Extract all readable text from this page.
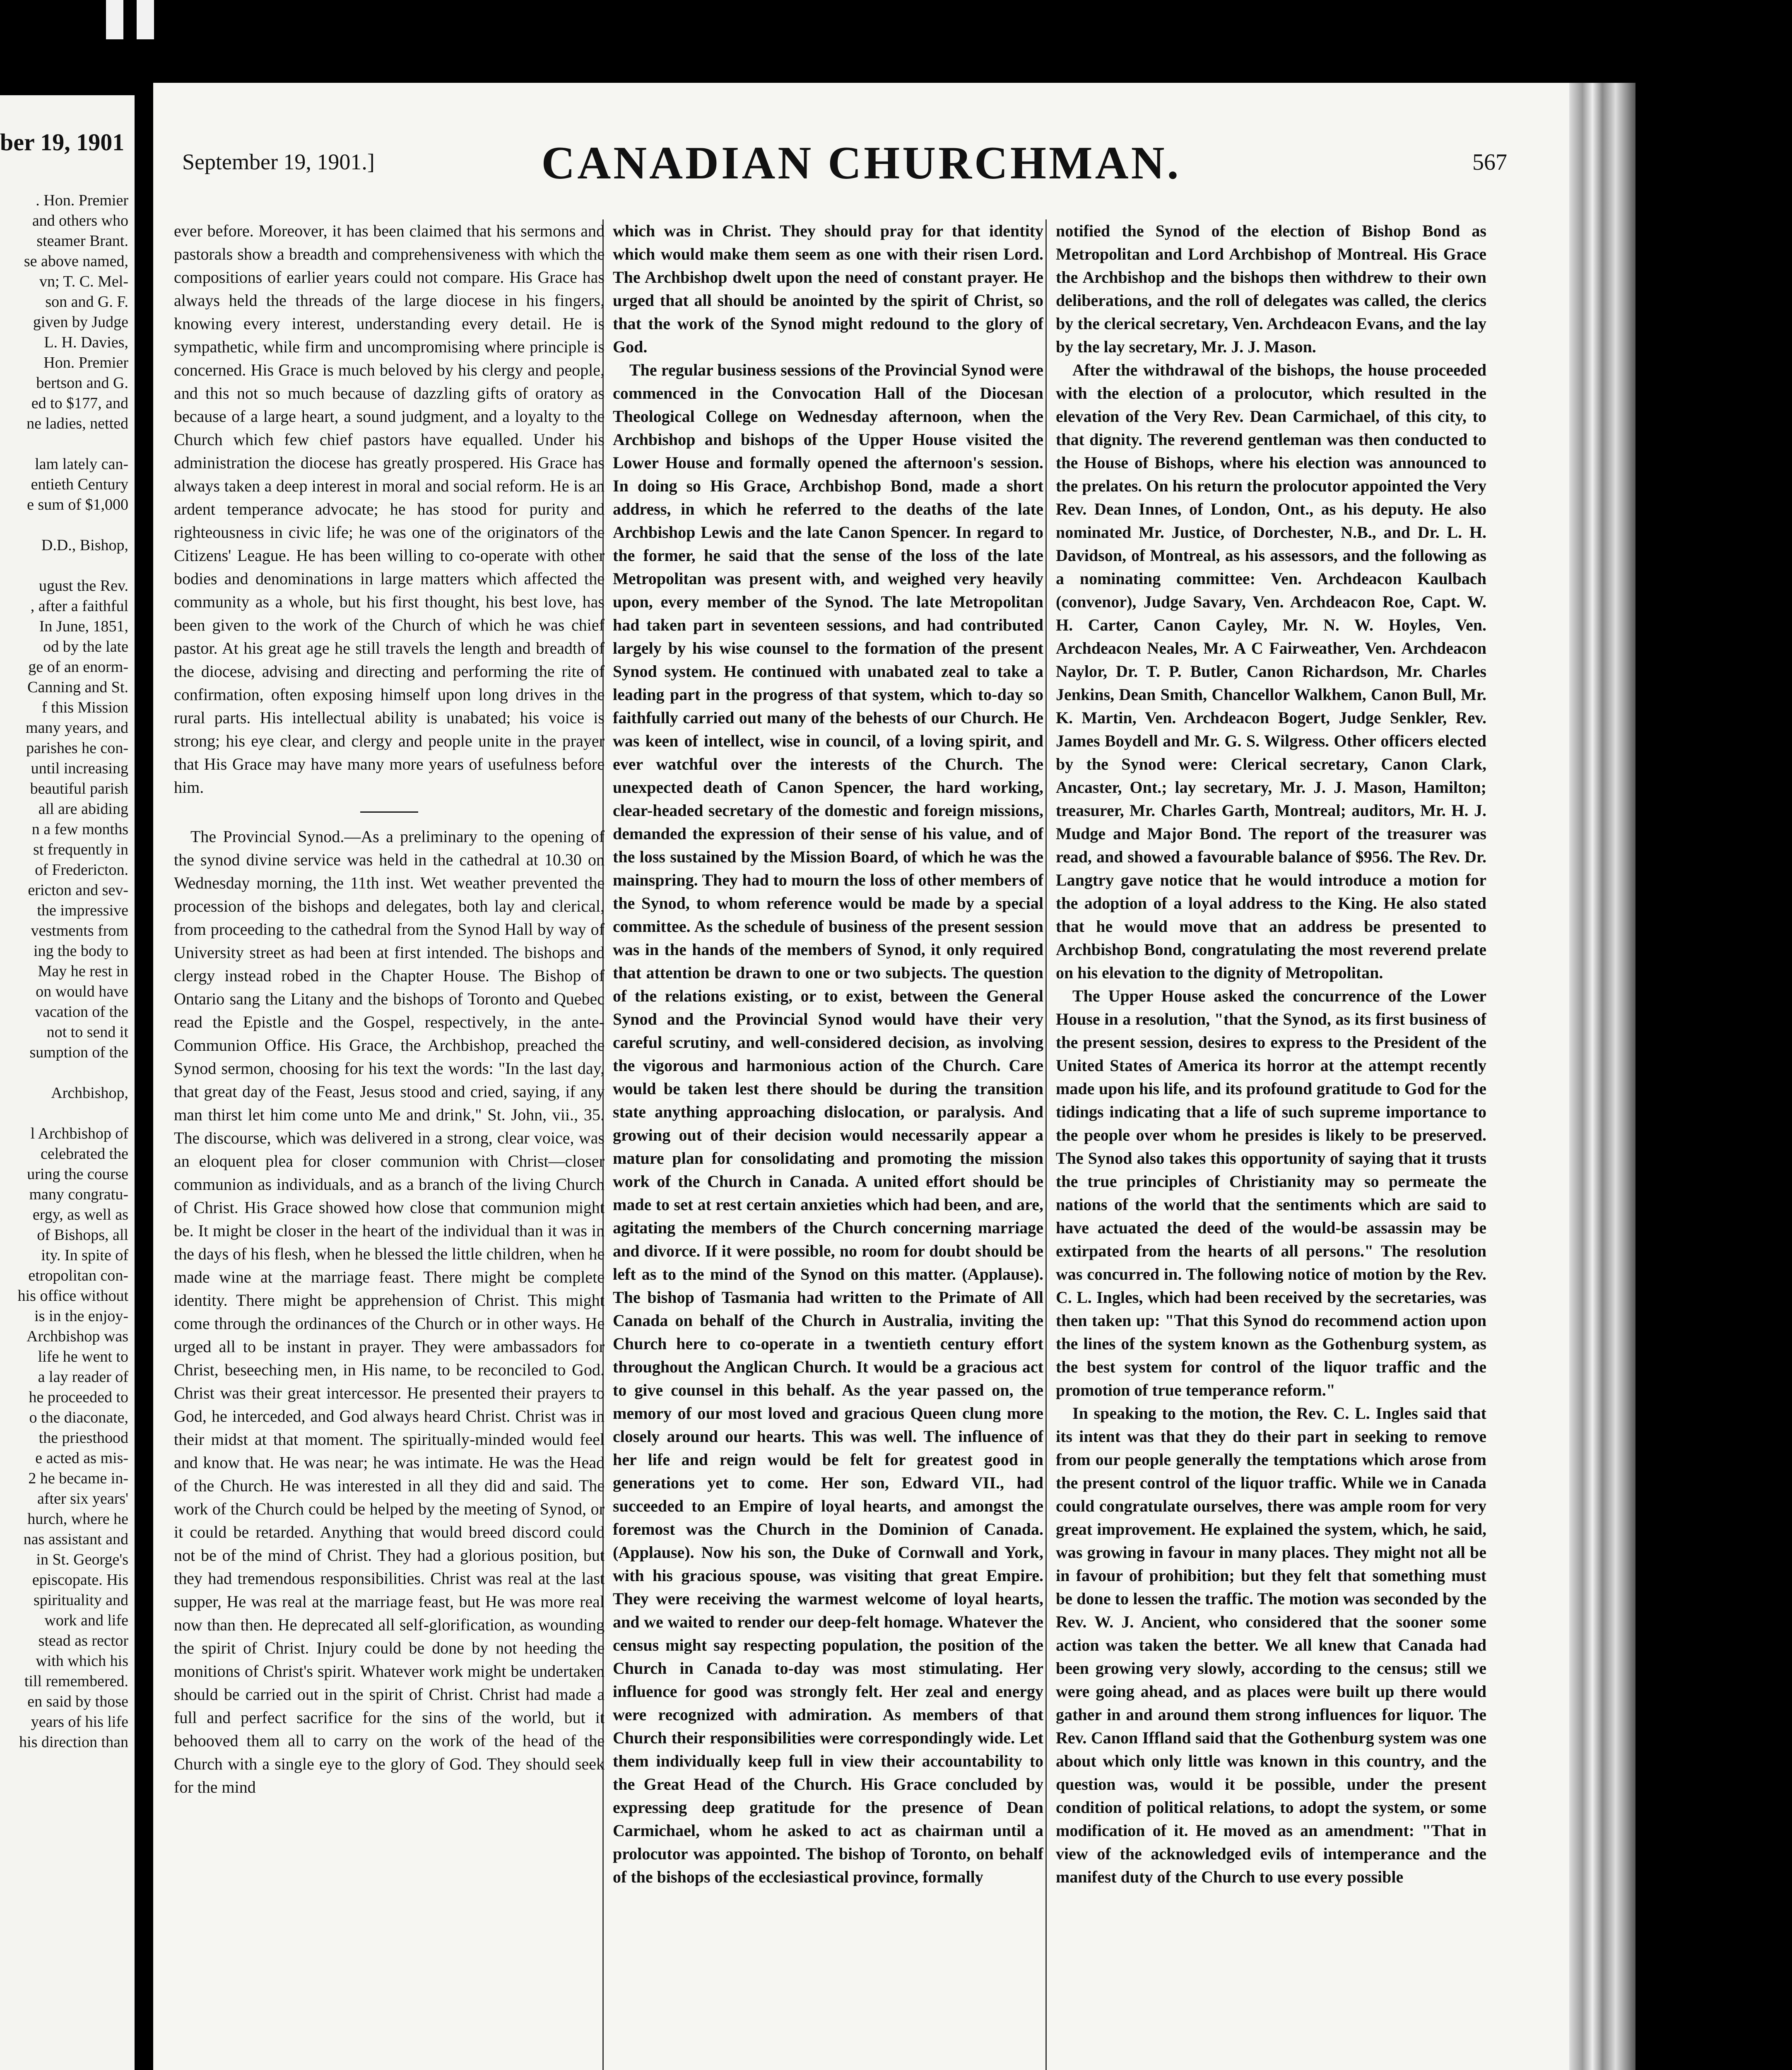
ber 19, 1901
. Hon. Premier
and others who
steamer Brant.
se above named,
vn; T. C. Mel-
son and G. F.
given by Judge
L. H. Davies,
Hon. Premier
bertson and G.
ed to $177, and
ne ladies, netted
lam lately can-
entieth Century
e sum of $1,000
D.D., Bishop,
ugust the Rev.
, after a faithful
In June, 1851,
od by the late
ge of an enorm-
Canning and St.
f this Mission
many years, and
parishes he con-
until increasing
beautiful parish
all are abiding
n a few months
st frequently in
of Fredericton.
ericton and sev-
the impressive
vestments from
ing the body to
May he rest in
on would have
vacation of the
not to send it
sumption of the
Archbishop,
l Archbishop of
celebrated the
uring the course
many congratu-
ergy, as well as
of Bishops, all
ity. In spite of
etropolitan con-
his office without
is in the enjoy-
Archbishop was
life he went to
a lay reader of
he proceeded to
o the diaconate,
the priesthood
e acted as mis-
2 he became in-
after six years'
hurch, where he
nas assistant and
in St. George's
episcopate. His
spirituality and
work and life
stead as rector
with which his
till remembered.
en said by those
years of his life
his direction than
September 19, 1901.]	CANADIAN CHURCHMAN.	567

ever before. Moreover, it has been claimed that his sermons and pastorals show a breadth and comprehensiveness with which the compositions of earlier years could not compare. His Grace has always held the threads of the large diocese in his fingers, knowing every interest, understanding every detail. He is sympathetic, while firm and uncompromising where principle is concerned. His Grace is much beloved by his clergy and people, and this not so much because of dazzling gifts of oratory as because of a large heart, a sound judgment, and a loyalty to the Church which few chief pastors have equalled. Under his administration the diocese has greatly prospered. His Grace has always taken a deep interest in moral and social reform. He is an ardent temperance advocate; he has stood for purity and righteousness in civic life; he was one of the originators of the Citizens' League. He has been willing to co-operate with other bodies and denominations in large matters which affected the community as a whole, but his first thought, his best love, has been given to the work of the Church of which he was chief pastor. At his great age he still travels the length and breadth of the diocese, advising and directing and performing the rite of confirmation, often exposing himself upon long drives in the rural parts. His intellectual ability is unabated; his voice is strong; his eye clear, and clergy and people unite in the prayer that His Grace may have many more years of usefulness before him.

The Provincial Synod.—As a preliminary to the opening of the synod divine service was held in the cathedral at 10.30 on Wednesday morning, the 11th inst. Wet weather prevented the procession of the bishops and delegates, both lay and clerical, from proceeding to the cathedral from the Synod Hall by way of University street as had been at first intended. The bishops and clergy instead robed in the Chapter House. The Bishop of Ontario sang the Litany and the bishops of Toronto and Quebec read the Epistle and the Gospel, respectively, in the ante-Communion Office. His Grace, the Archbishop, preached the Synod sermon, choosing for his text the words: "In the last day, that great day of the Feast, Jesus stood and cried, saying, if any man thirst let him come unto Me and drink," St. John, vii., 35. The discourse, which was delivered in a strong, clear voice, was an eloquent plea for closer communion with Christ—closer communion as individuals, and as a branch of the living Church of Christ. His Grace showed how close that communion might be. It might be closer in the heart of the individual than it was in the days of his flesh, when he blessed the little children, when he made wine at the marriage feast. There might be complete identity. There might be apprehension of Christ. This might come through the ordinances of the Church or in other ways. He urged all to be instant in prayer. They were ambassadors for Christ, beseeching men, in His name, to be reconciled to God. Christ was their great intercessor. He presented their prayers to God, he interceded, and God always heard Christ. Christ was in their midst at that moment. The spiritually-minded would feel and know that. He was near; he was intimate. He was the Head of the Church. He was interested in all they did and said. The work of the Church could be helped by the meeting of Synod, or it could be retarded. Anything that would breed discord could not be of the mind of Christ. They had a glorious position, but they had tremendous responsibilities. Christ was real at the last supper, He was real at the marriage feast, but He was more real now than then. He deprecated all self-glorification, as wounding the spirit of Christ. Injury could be done by not heeding the monitions of Christ's spirit. Whatever work might be undertaken should be carried out in the spirit of Christ. Christ had made a full and perfect sacrifice for the sins of the world, but it behooved them all to carry on the work of the head of the Church with a single eye to the glory of God. They should seek for the mind

which was in Christ. They should pray for that identity which would make them seem as one with their risen Lord. The Archbishop dwelt upon the need of constant prayer. He urged that all should be anointed by the spirit of Christ, so that the work of the Synod might redound to the glory of God.

The regular business sessions of the Provincial Synod were commenced in the Convocation Hall of the Diocesan Theological College on Wednesday afternoon, when the Archbishop and bishops of the Upper House visited the Lower House and formally opened the afternoon's session. In doing so His Grace, Archbishop Bond, made a short address, in which he referred to the deaths of the late Archbishop Lewis and the late Canon Spencer. In regard to the former, he said that the sense of the loss of the late Metropolitan was present with, and weighed very heavily upon, every member of the Synod. The late Metropolitan had taken part in seventeen sessions, and had contributed largely by his wise counsel to the formation of the present Synod system. He continued with unabated zeal to take a leading part in the progress of that system, which to-day so faithfully carried out many of the behests of our Church. He was keen of intellect, wise in council, of a loving spirit, and ever watchful over the interests of the Church. The unexpected death of Canon Spencer, the hard working, clear-headed secretary of the domestic and foreign missions, demanded the expression of their sense of his value, and of the loss sustained by the Mission Board, of which he was the mainspring. They had to mourn the loss of other members of the Synod, to whom reference would be made by a special committee. As the schedule of business of the present session was in the hands of the members of Synod, it only required that attention be drawn to one or two subjects. The question of the relations existing, or to exist, between the General Synod and the Provincial Synod would have their very careful scrutiny, and well-considered decision, as involving the vigorous and harmonious action of the Church. Care would be taken lest there should be during the transition state anything approaching dislocation, or paralysis. And growing out of their decision would necessarily appear a mature plan for consolidating and promoting the mission work of the Church in Canada. A united effort should be made to set at rest certain anxieties which had been, and are, agitating the members of the Church concerning marriage and divorce. If it were possible, no room for doubt should be left as to the mind of the Synod on this matter. (Applause). The bishop of Tasmania had written to the Primate of All Canada on behalf of the Church in Australia, inviting the Church here to co-operate in a twentieth century effort throughout the Anglican Church. It would be a gracious act to give counsel in this behalf. As the year passed on, the memory of our most loved and gracious Queen clung more closely around our hearts. This was well. The influence of her life and reign would be felt for greatest good in generations yet to come. Her son, Edward VII., had succeeded to an Empire of loyal hearts, and amongst the foremost was the Church in the Dominion of Canada. (Applause). Now his son, the Duke of Cornwall and York, with his gracious spouse, was visiting that great Empire. They were receiving the warmest welcome of loyal hearts, and we waited to render our deep-felt homage. Whatever the census might say respecting population, the position of the Church in Canada to-day was most stimulating. Her influence for good was strongly felt. Her zeal and energy were recognized with admiration. As members of that Church their responsibilities were correspondingly wide. Let them individually keep full in view their accountability to the Great Head of the Church. His Grace concluded by expressing deep gratitude for the presence of Dean Carmichael, whom he asked to act as chairman until a prolocutor was appointed. The bishop of Toronto, on behalf of the bishops of the ecclesiastical province, formally

notified the Synod of the election of Bishop Bond as Metropolitan and Lord Archbishop of Montreal. His Grace the Archbishop and the bishops then withdrew to their own deliberations, and the roll of delegates was called, the clerics by the clerical secretary, Ven. Archdeacon Evans, and the lay by the lay secretary, Mr. J. J. Mason.

After the withdrawal of the bishops, the house proceeded with the election of a prolocutor, which resulted in the elevation of the Very Rev. Dean Carmichael, of this city, to that dignity. The reverend gentleman was then conducted to the House of Bishops, where his election was announced to the prelates. On his return the prolocutor appointed the Very Rev. Dean Innes, of London, Ont., as his deputy. He also nominated Mr. Justice, of Dorchester, N.B., and Dr. L. H. Davidson, of Montreal, as his assessors, and the following as a nominating committee: Ven. Archdeacon Kaulbach (convenor), Judge Savary, Ven. Archdeacon Roe, Capt. W. H. Carter, Canon Cayley, Mr. N. W. Hoyles, Ven. Archdeacon Neales, Mr. A C Fairweather, Ven. Archdeacon Naylor, Dr. T. P. Butler, Canon Richardson, Mr. Charles Jenkins, Dean Smith, Chancellor Walkhem, Canon Bull, Mr. K. Martin, Ven. Archdeacon Bogert, Judge Senkler, Rev. James Boydell and Mr. G. S. Wilgress. Other officers elected by the Synod were: Clerical secretary, Canon Clark, Ancaster, Ont.; lay secretary, Mr. J. J. Mason, Hamilton; treasurer, Mr. Charles Garth, Montreal; auditors, Mr. H. J. Mudge and Major Bond. The report of the treasurer was read, and showed a favourable balance of $956. The Rev. Dr. Langtry gave notice that he would introduce a motion for the adoption of a loyal address to the King. He also stated that he would move that an address be presented to Archbishop Bond, congratulating the most reverend prelate on his elevation to the dignity of Metropolitan.

The Upper House asked the concurrence of the Lower House in a resolution, "that the Synod, as its first business of the present session, desires to express to the President of the United States of America its horror at the attempt recently made upon his life, and its profound gratitude to God for the tidings indicating that a life of such supreme importance to the people over whom he presides is likely to be preserved. The Synod also takes this opportunity of saying that it trusts the true principles of Christianity may so permeate the nations of the world that the sentiments which are said to have actuated the deed of the would-be assassin may be extirpated from the hearts of all persons." The resolution was concurred in. The following notice of motion by the Rev. C. L. Ingles, which had been received by the secretaries, was then taken up: "That this Synod do recommend action upon the lines of the system known as the Gothenburg system, as the best system for control of the liquor traffic and the promotion of true temperance reform."

In speaking to the motion, the Rev. C. L. Ingles said that its intent was that they do their part in seeking to remove from our people generally the temptations which arose from the present control of the liquor traffic. While we in Canada could congratulate ourselves, there was ample room for very great improvement. He explained the system, which, he said, was growing in favour in many places. They might not all be in favour of prohibition; but they felt that something must be done to lessen the traffic. The motion was seconded by the Rev. W. J. Ancient, who considered that the sooner some action was taken the better. We all knew that Canada had been growing very slowly, according to the census; still we were going ahead, and as places were built up there would gather in and around them strong influences for liquor. The Rev. Canon Iffland said that the Gothenburg system was one about which only little was known in this country, and the question was, would it be possible, under the present condition of political relations, to adopt the system, or some modification of it. He moved as an amendment: "That in view of the acknowledged evils of intemperance and the manifest duty of the Church to use every possible
